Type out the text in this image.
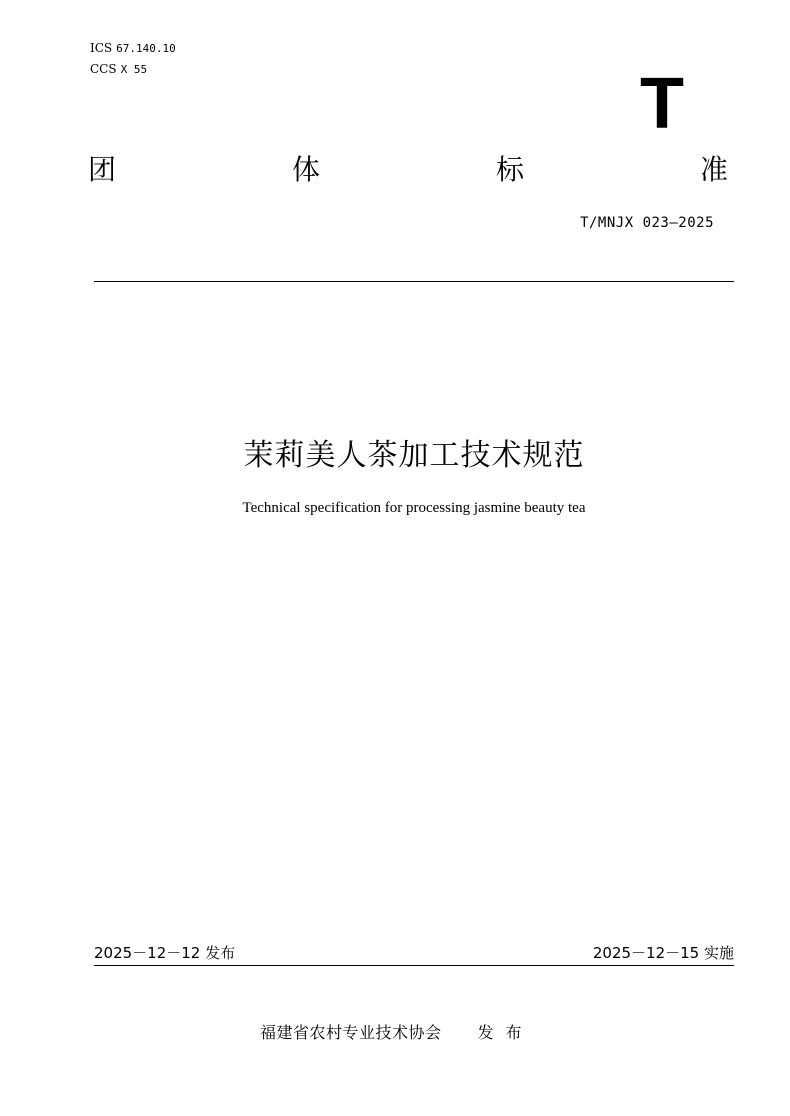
ICS 67.140.10
CCS X 55	T
团	体	标	准
T/MNJX 023—2025
茉莉美人茶加工技术规范
Technical specification for processing jasmine beauty tea
2025－12－12 发布	2025－12－15 实施
福建省农村专业技术协会 发布
